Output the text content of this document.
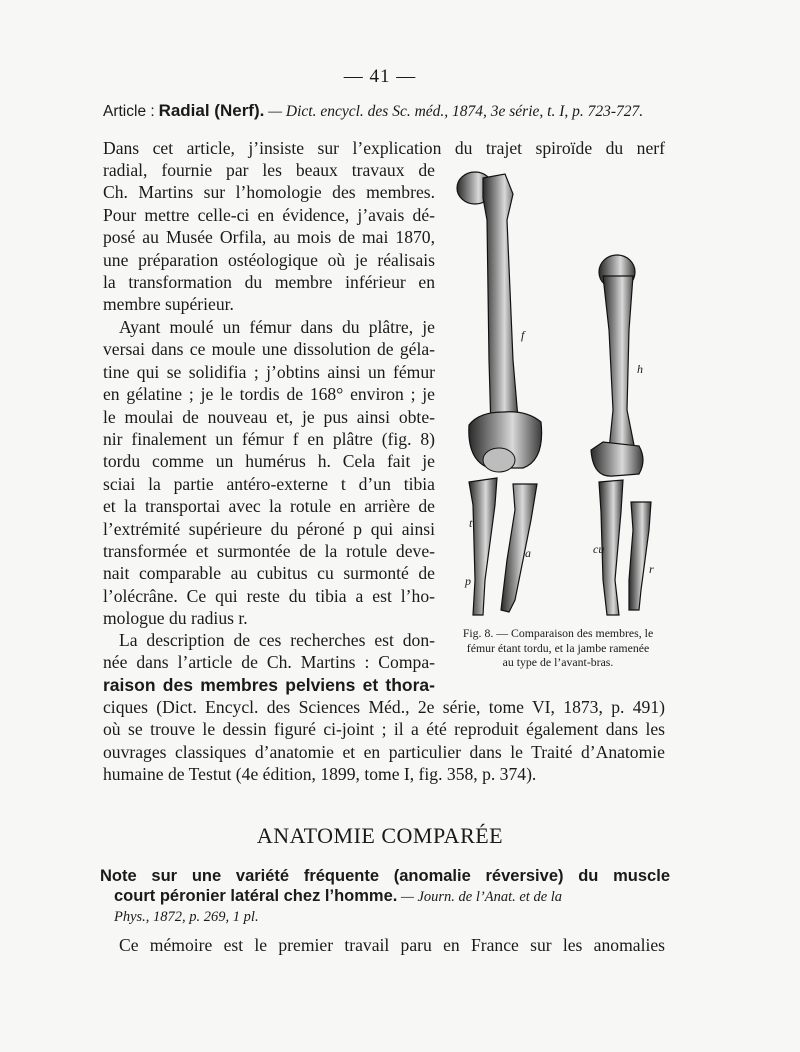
— 41 —
Article : Radial (Nerf). — Dict. encycl. des Sc. méd., 1874, 3e série, t. I, p. 723-727.
Dans cet article, j’insiste sur l’explication du trajet spiroïde du nerf
radial, fournie par les beaux travaux de
Ch. Martins sur l’homologie des membres.
Pour mettre celle-ci en évidence, j’avais dé-
posé au Musée Orfila, au mois de mai 1870,
une préparation ostéologique où je réalisais
la transformation du membre inférieur en
membre supérieur.
Ayant moulé un fémur dans du plâtre, je
versai dans ce moule une dissolution de géla-
tine qui se solidifia ; j’obtins ainsi un fémur
en gélatine ; je le tordis de 168° environ ; je
le moulai de nouveau et, je pus ainsi obte-
nir finalement un fémur f en plâtre (fig. 8)
tordu comme un humérus h. Cela fait je
sciai la partie antéro-externe t d’un tibia
et la transportai avec la rotule en arrière de
l’extrémité supérieure du péroné p qui ainsi
transformée et surmontée de la rotule deve-
nait comparable au cubitus cu surmonté de
l’olécrâne. Ce qui reste du tibia a est l’ho-
mologue du radius r.
La description de ces recherches est don-
née dans l’article de Ch. Martins : Compa-
raison des membres pelviens et thora-
ciques (Dict. Encycl. des Sciences Méd., 2e série, tome VI, 1873, p. 491)
où se trouve le dessin figuré ci-joint ; il a été reproduit également dans les
ouvrages classiques d’anatomie et en particulier dans le Traité d’Anatomie
humaine de Testut (4e édition, 1899, tome I, fig. 358, p. 374).
f
h
t
a
p
cu
r
Fig. 8. — Comparaison des membres, le
fémur étant tordu, et la jambe ramenée
au type de l’avant-bras.
ANATOMIE COMPARÉE
Note sur une variété fréquente (anomalie réversive) du muscle
court péronier latéral chez l’homme. — Journ. de l’Anat. et de la
Phys., 1872, p. 269, 1 pl.
Ce mémoire est le premier travail paru en France sur les anomalies
